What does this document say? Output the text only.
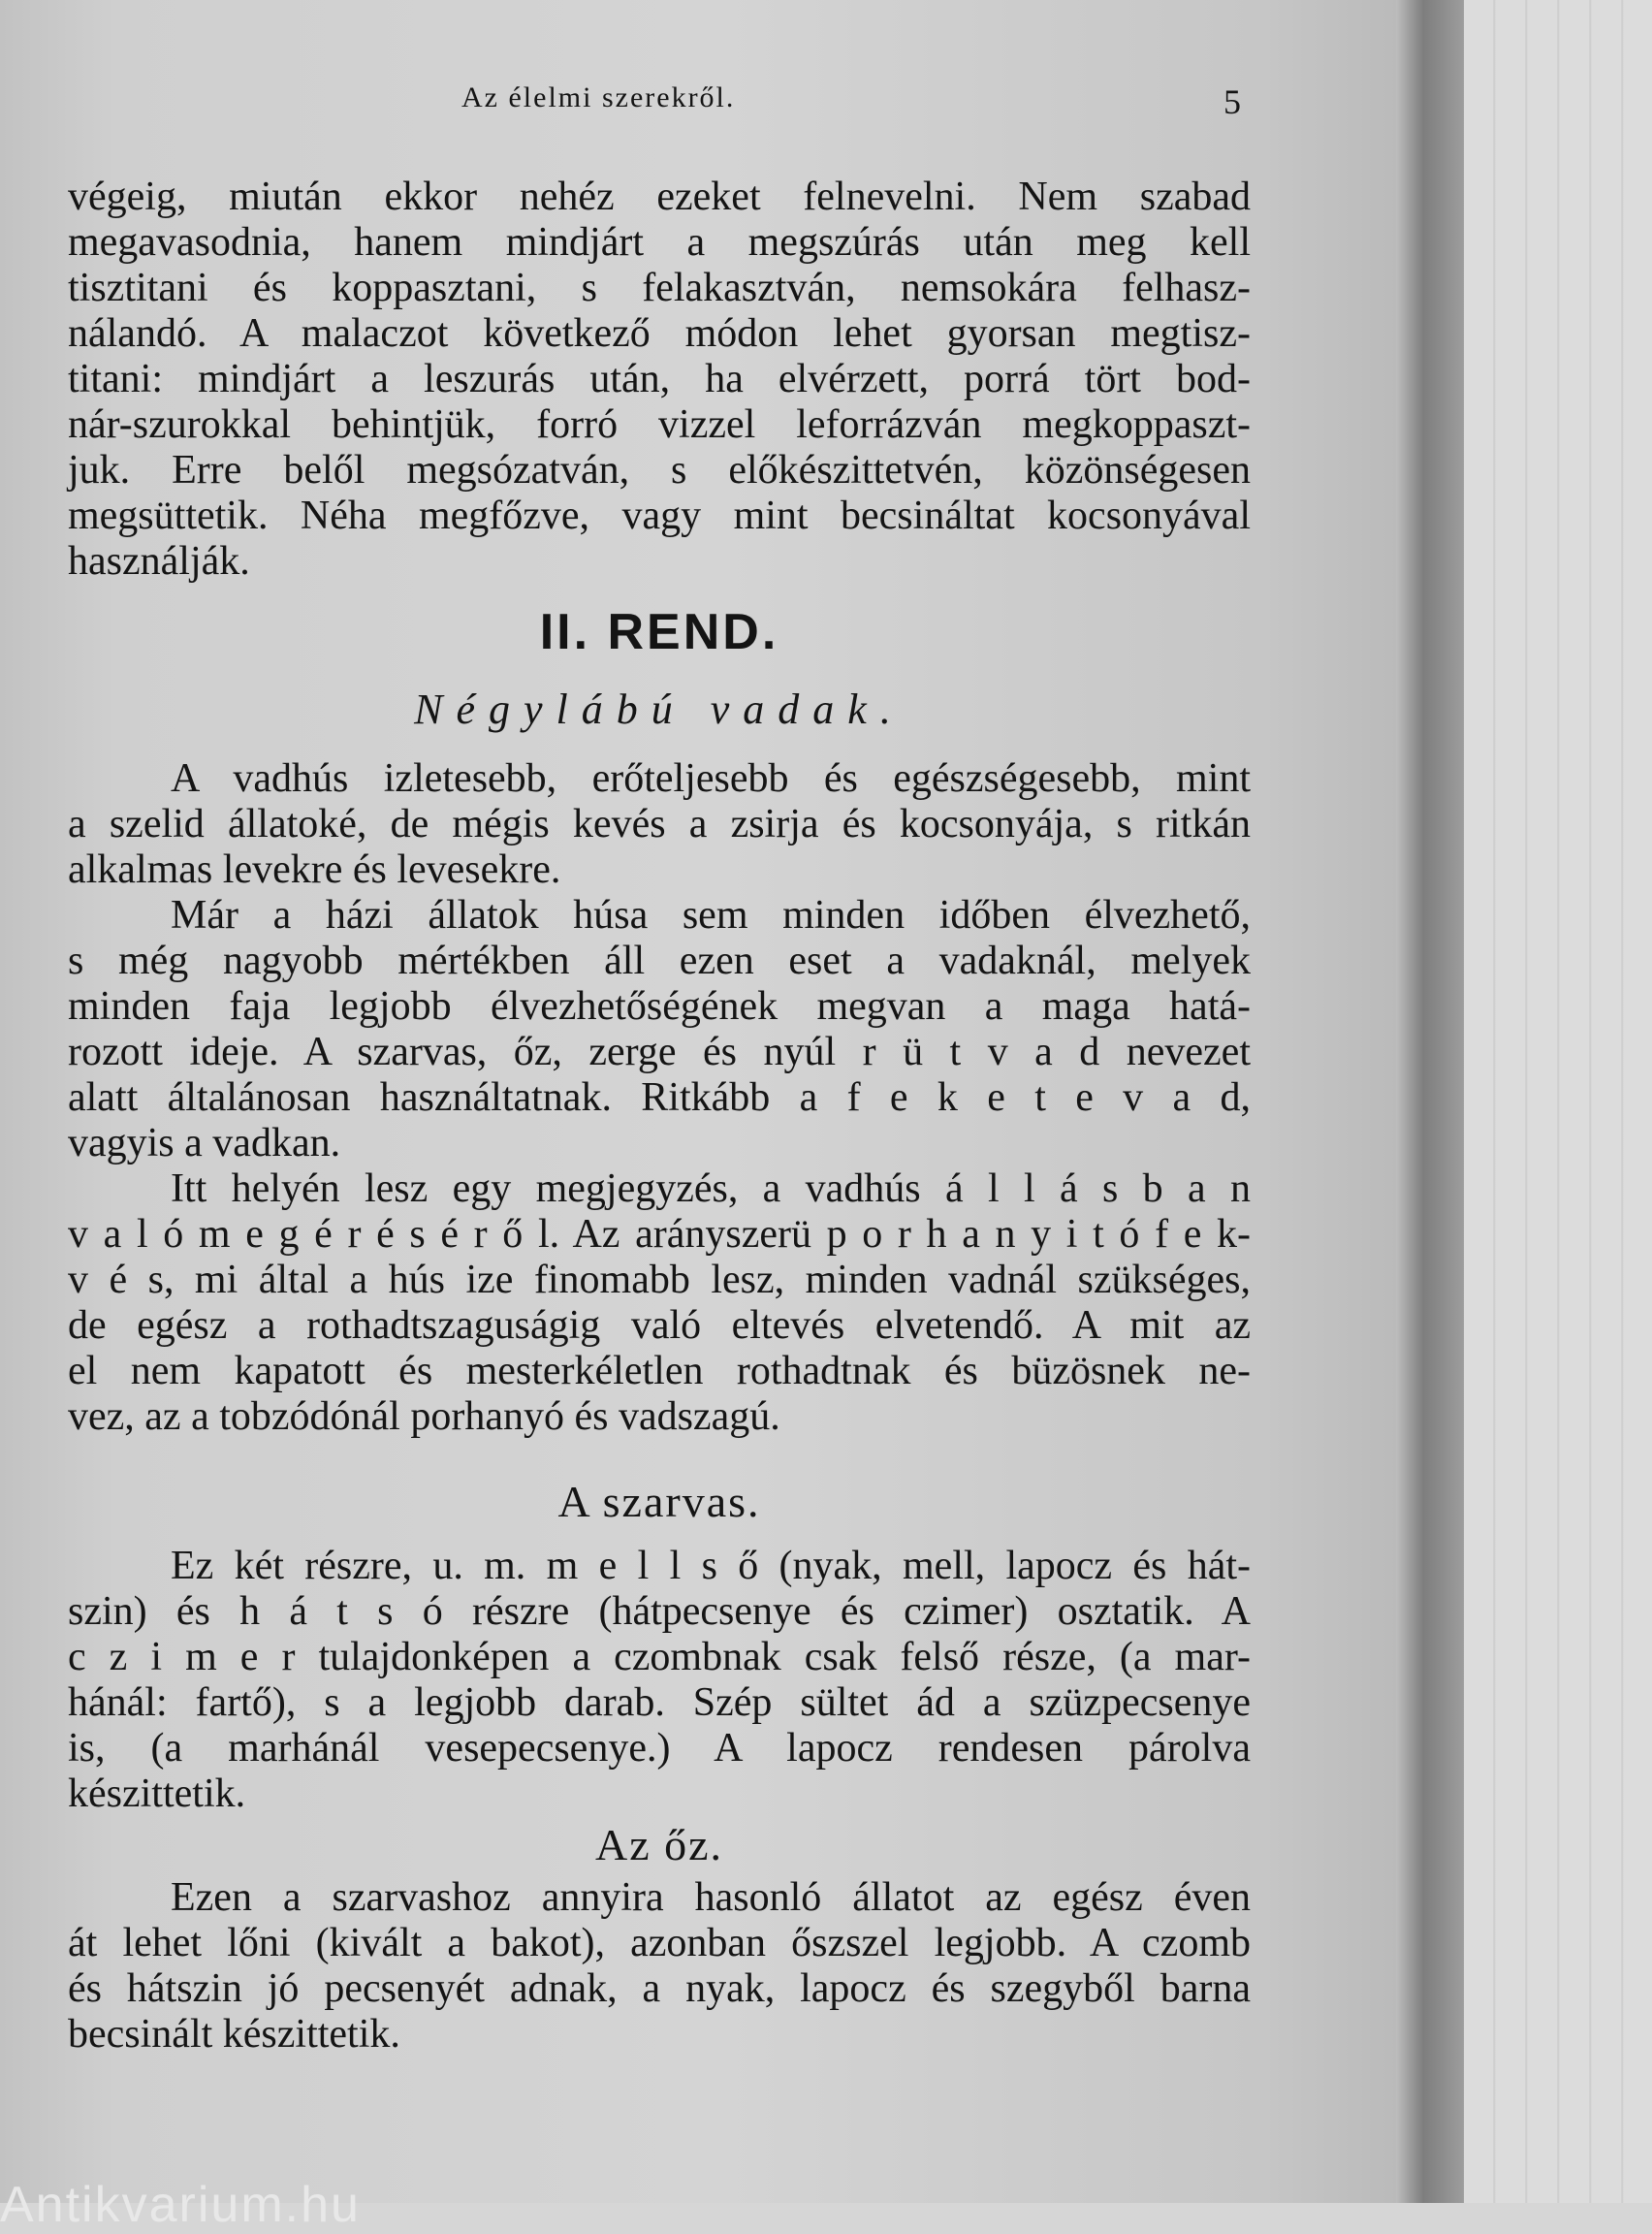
Az élelmi szerekről.	5
végeig, miután ekkor nehéz ezeket felnevelni. Nem szabad
megavasodnia, hanem mindjárt a megszúrás után meg kell
tisztitani és koppasztani, s felakasztván, nemsokára felhasz-
nálandó. A malaczot következő módon lehet gyorsan megtisz-
titani: mindjárt a leszurás után, ha elvérzett, porrá tört bod-
nár-szurokkal behintjük, forró vizzel leforrázván megkoppaszt-
juk. Erre belől megsózatván, s előkészittetvén, közönségesen
megsüttetik. Néha megfőzve, vagy mint becsináltat kocsonyával
használják.
II. REND.
Négylábú vadak.
A vadhús izletesebb, erőteljesebb és egészségesebb, mint
a szelid állatoké, de mégis kevés a zsirja és kocsonyája, s ritkán
alkalmas levekre és levesekre.
Már a házi állatok húsa sem minden időben élvezhető,
s még nagyobb mértékben áll ezen eset a vadaknál, melyek
minden faja legjobb élvezhetőségének megvan a maga hatá-
rozott ideje. A szarvas, őz, zerge és nyúl r ü t v a d nevezet
alatt általánosan használtatnak. Ritkább a f e k e t e v a d,
vagyis a vadkan.
Itt helyén lesz egy megjegyzés, a vadhús á l l á s b a n
v a l ó m e g é r é s é r ő l. Az arányszerü p o r h a n y i t ó f e k-
v é s, mi által a hús ize finomabb lesz, minden vadnál szükséges,
de egész a rothadtszaguságig való eltevés elvetendő. A mit az
el nem kapatott és mesterkéletlen rothadtnak és büzösnek ne-
vez, az a tobzódónál porhanyó és vadszagú.
A szarvas.
Ez két részre, u. m. m e l l s ő (nyak, mell, lapocz és hát-
szin) és h á t s ó részre (hátpecsenye és czimer) osztatik. A
c z i m e r tulajdonképen a czombnak csak felső része, (a mar-
hánál: fartő), s a legjobb darab. Szép sültet ád a szüzpecsenye
is, (a marhánál vesepecsenye.) A lapocz rendesen párolva
készittetik.
Az őz.
Ezen a szarvashoz annyira hasonló állatot az egész éven
át lehet lőni (kivált a bakot), azonban őszszel legjobb. A czomb
és hátszin jó pecsenyét adnak, a nyak, lapocz és szegyből barna
becsinált készittetik.
Antikvarium.hu
